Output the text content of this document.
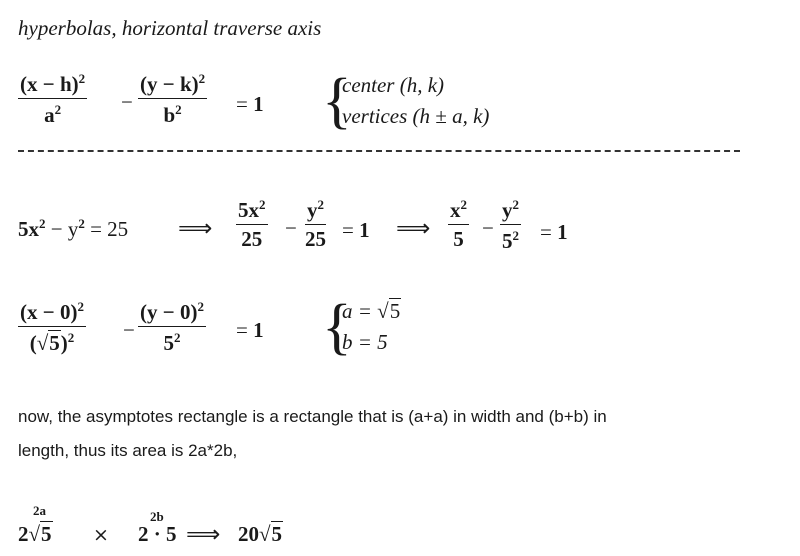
hyperbolas, horizontal traverse axis
$(x - h)^2$
$a^2$	−
$(y - k)^2$
$b^2$	= 1 {
center (h, k)
vertices (h ± a, k)
$5x^2 - y^2 = 25$ ⟹
$5x^2$
25 −
$y^2$
25 = 1 ⟹
$x^2$
5 −
$y^2$
$5^2 = 1$
$(x - 0)^2$
$(√5)^2$ −
$(y - 0)^2$
$5^2$	= 1 {
a = √5
b = 5
now, the asymptotes rectangle is a rectangle that is (a+a) in width and (b+b) in
length, thus its area is 2a*2b,
2a	2b
2√5 × 2 · 5 ⟹ 20√5
